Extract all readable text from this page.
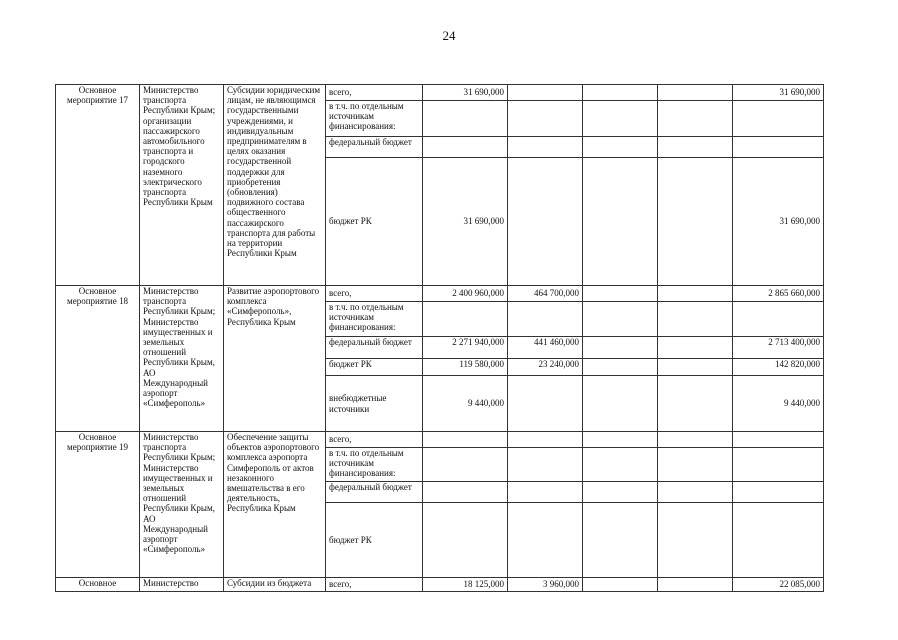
24
Основное мероприятие 17	Министерство транспорта Республики Крым; организации пассажирского автомобильного транспорта и городского наземного электрического транспорта Республики Крым	Субсидии юридическим лицам, не являющимся государственными учреждениями, и индивидуальным предпринимателям в целях оказания государственной поддержки для приобретения (обновления) подвижного состава общественного пассажирского транспорта для работы на территории Республики Крым	всего,	31 690,000				31 690,000
			в т.ч. по отдельным источникам финансирования:					
			федеральный бюджет					
			бюджет РК	31 690,000				31 690,000
Основное мероприятие 18	Министерство транспорта Республики Крым; Министерство имущественных и земельных отношений Республики Крым, АО Международный аэропорт «Симферополь»	Развитие аэропортового комплекса «Симферополь», Республика Крым	всего,	2 400 960,000	464 700,000			2 865 660,000
			в т.ч. по отдельным источникам финансирования:					
			федеральный бюджет	2 271 940,000	441 460,000			2 713 400,000
			бюджет РК	119 580,000	23 240,000			142 820,000
			внебюджетные источники	9 440,000				9 440,000
Основное мероприятие 19	Министерство транспорта Республики Крым; Министерство имущественных и земельных отношений Республики Крым, АО Международный аэропорт «Симферополь»	Обеспечение защиты объектов аэропортового комплекса аэропорта Симферополь от актов незаконного вмешательства в его деятельность, Республика Крым	всего,					
			в т.ч. по отдельным источникам финансирования:					
			федеральный бюджет					
			бюджет РК					
Основное	Министерство	Субсидии из бюджета	всего,	18 125,000	3 960,000			22 085,000
